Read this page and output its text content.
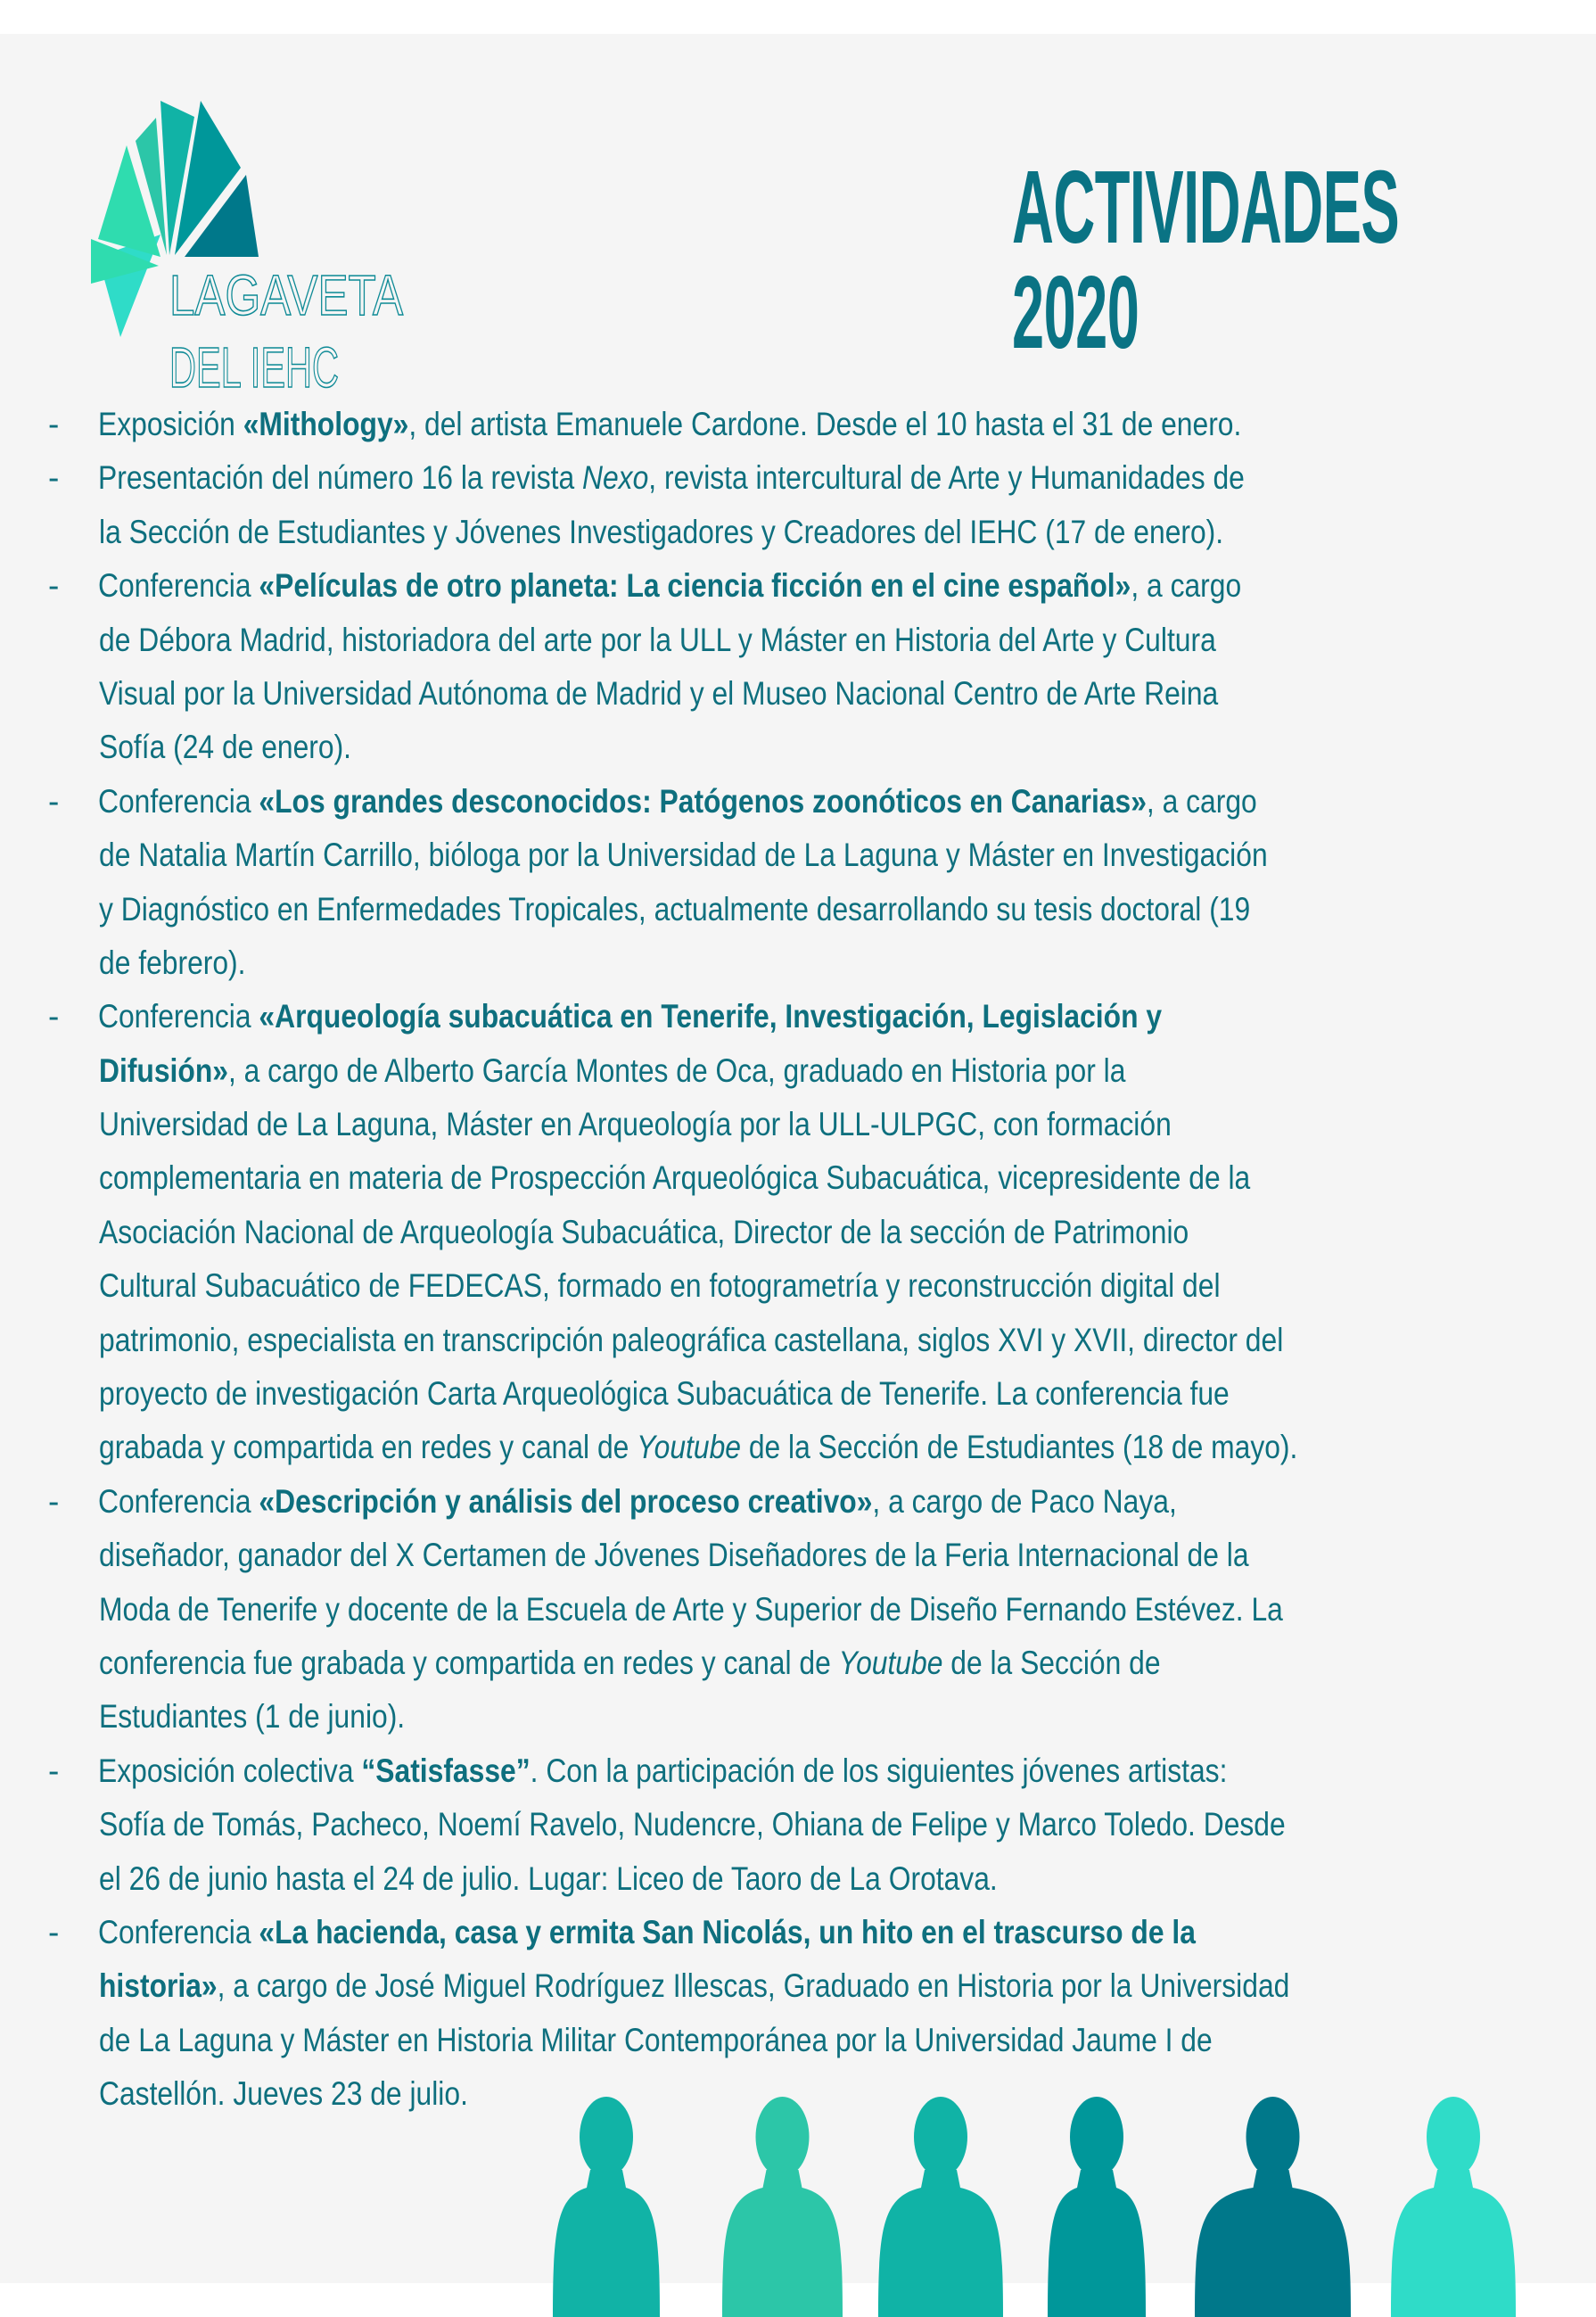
LAGAVETA
DEL IEHC
ACTIVIDADES
2020
- Exposición «Mithology», del artista Emanuele Cardone. Desde el 10 hasta el 31 de enero.
- Presentación del número 16 la revista Nexo, revista intercultural de Arte y Humanidades de
la Sección de Estudiantes y Jóvenes Investigadores y Creadores del IEHC (17 de enero).
- Conferencia «Películas de otro planeta: La ciencia ficción en el cine español», a cargo
de Débora Madrid, historiadora del arte por la ULL y Máster en Historia del Arte y Cultura
Visual por la Universidad Autónoma de Madrid y el Museo Nacional Centro de Arte Reina
Sofía (24 de enero).
- Conferencia «Los grandes desconocidos: Patógenos zoonóticos en Canarias», a cargo
de Natalia Martín Carrillo, bióloga por la Universidad de La Laguna y Máster en Investigación
y Diagnóstico en Enfermedades Tropicales, actualmente desarrollando su tesis doctoral (19
de febrero).
- Conferencia «Arqueología subacuática en Tenerife, Investigación, Legislación y
Difusión», a cargo de Alberto García Montes de Oca, graduado en Historia por la
Universidad de La Laguna, Máster en Arqueología por la ULL-ULPGC, con formación
complementaria en materia de Prospección Arqueológica Subacuática, vicepresidente de la
Asociación Nacional de Arqueología Subacuática, Director de la sección de Patrimonio
Cultural Subacuático de FEDECAS, formado en fotogrametría y reconstrucción digital del
patrimonio, especialista en transcripción paleográfica castellana, siglos XVI y XVII, director del
proyecto de investigación Carta Arqueológica Subacuática de Tenerife. La conferencia fue
grabada y compartida en redes y canal de Youtube de la Sección de Estudiantes (18 de mayo).
- Conferencia «Descripción y análisis del proceso creativo», a cargo de Paco Naya,
diseñador, ganador del X Certamen de Jóvenes Diseñadores de la Feria Internacional de la
Moda de Tenerife y docente de la Escuela de Arte y Superior de Diseño Fernando Estévez. La
conferencia fue grabada y compartida en redes y canal de Youtube de la Sección de
Estudiantes (1 de junio).
- Exposición colectiva “Satisfasse”. Con la participación de los siguientes jóvenes artistas:
Sofía de Tomás, Pacheco, Noemí Ravelo, Nudencre, Ohiana de Felipe y Marco Toledo. Desde
el 26 de junio hasta el 24 de julio. Lugar: Liceo de Taoro de La Orotava.
- Conferencia «La hacienda, casa y ermita San Nicolás, un hito en el trascurso de la
historia», a cargo de José Miguel Rodríguez Illescas, Graduado en Historia por la Universidad
de La Laguna y Máster en Historia Militar Contemporánea por la Universidad Jaume I de
Castellón. Jueves 23 de julio.
